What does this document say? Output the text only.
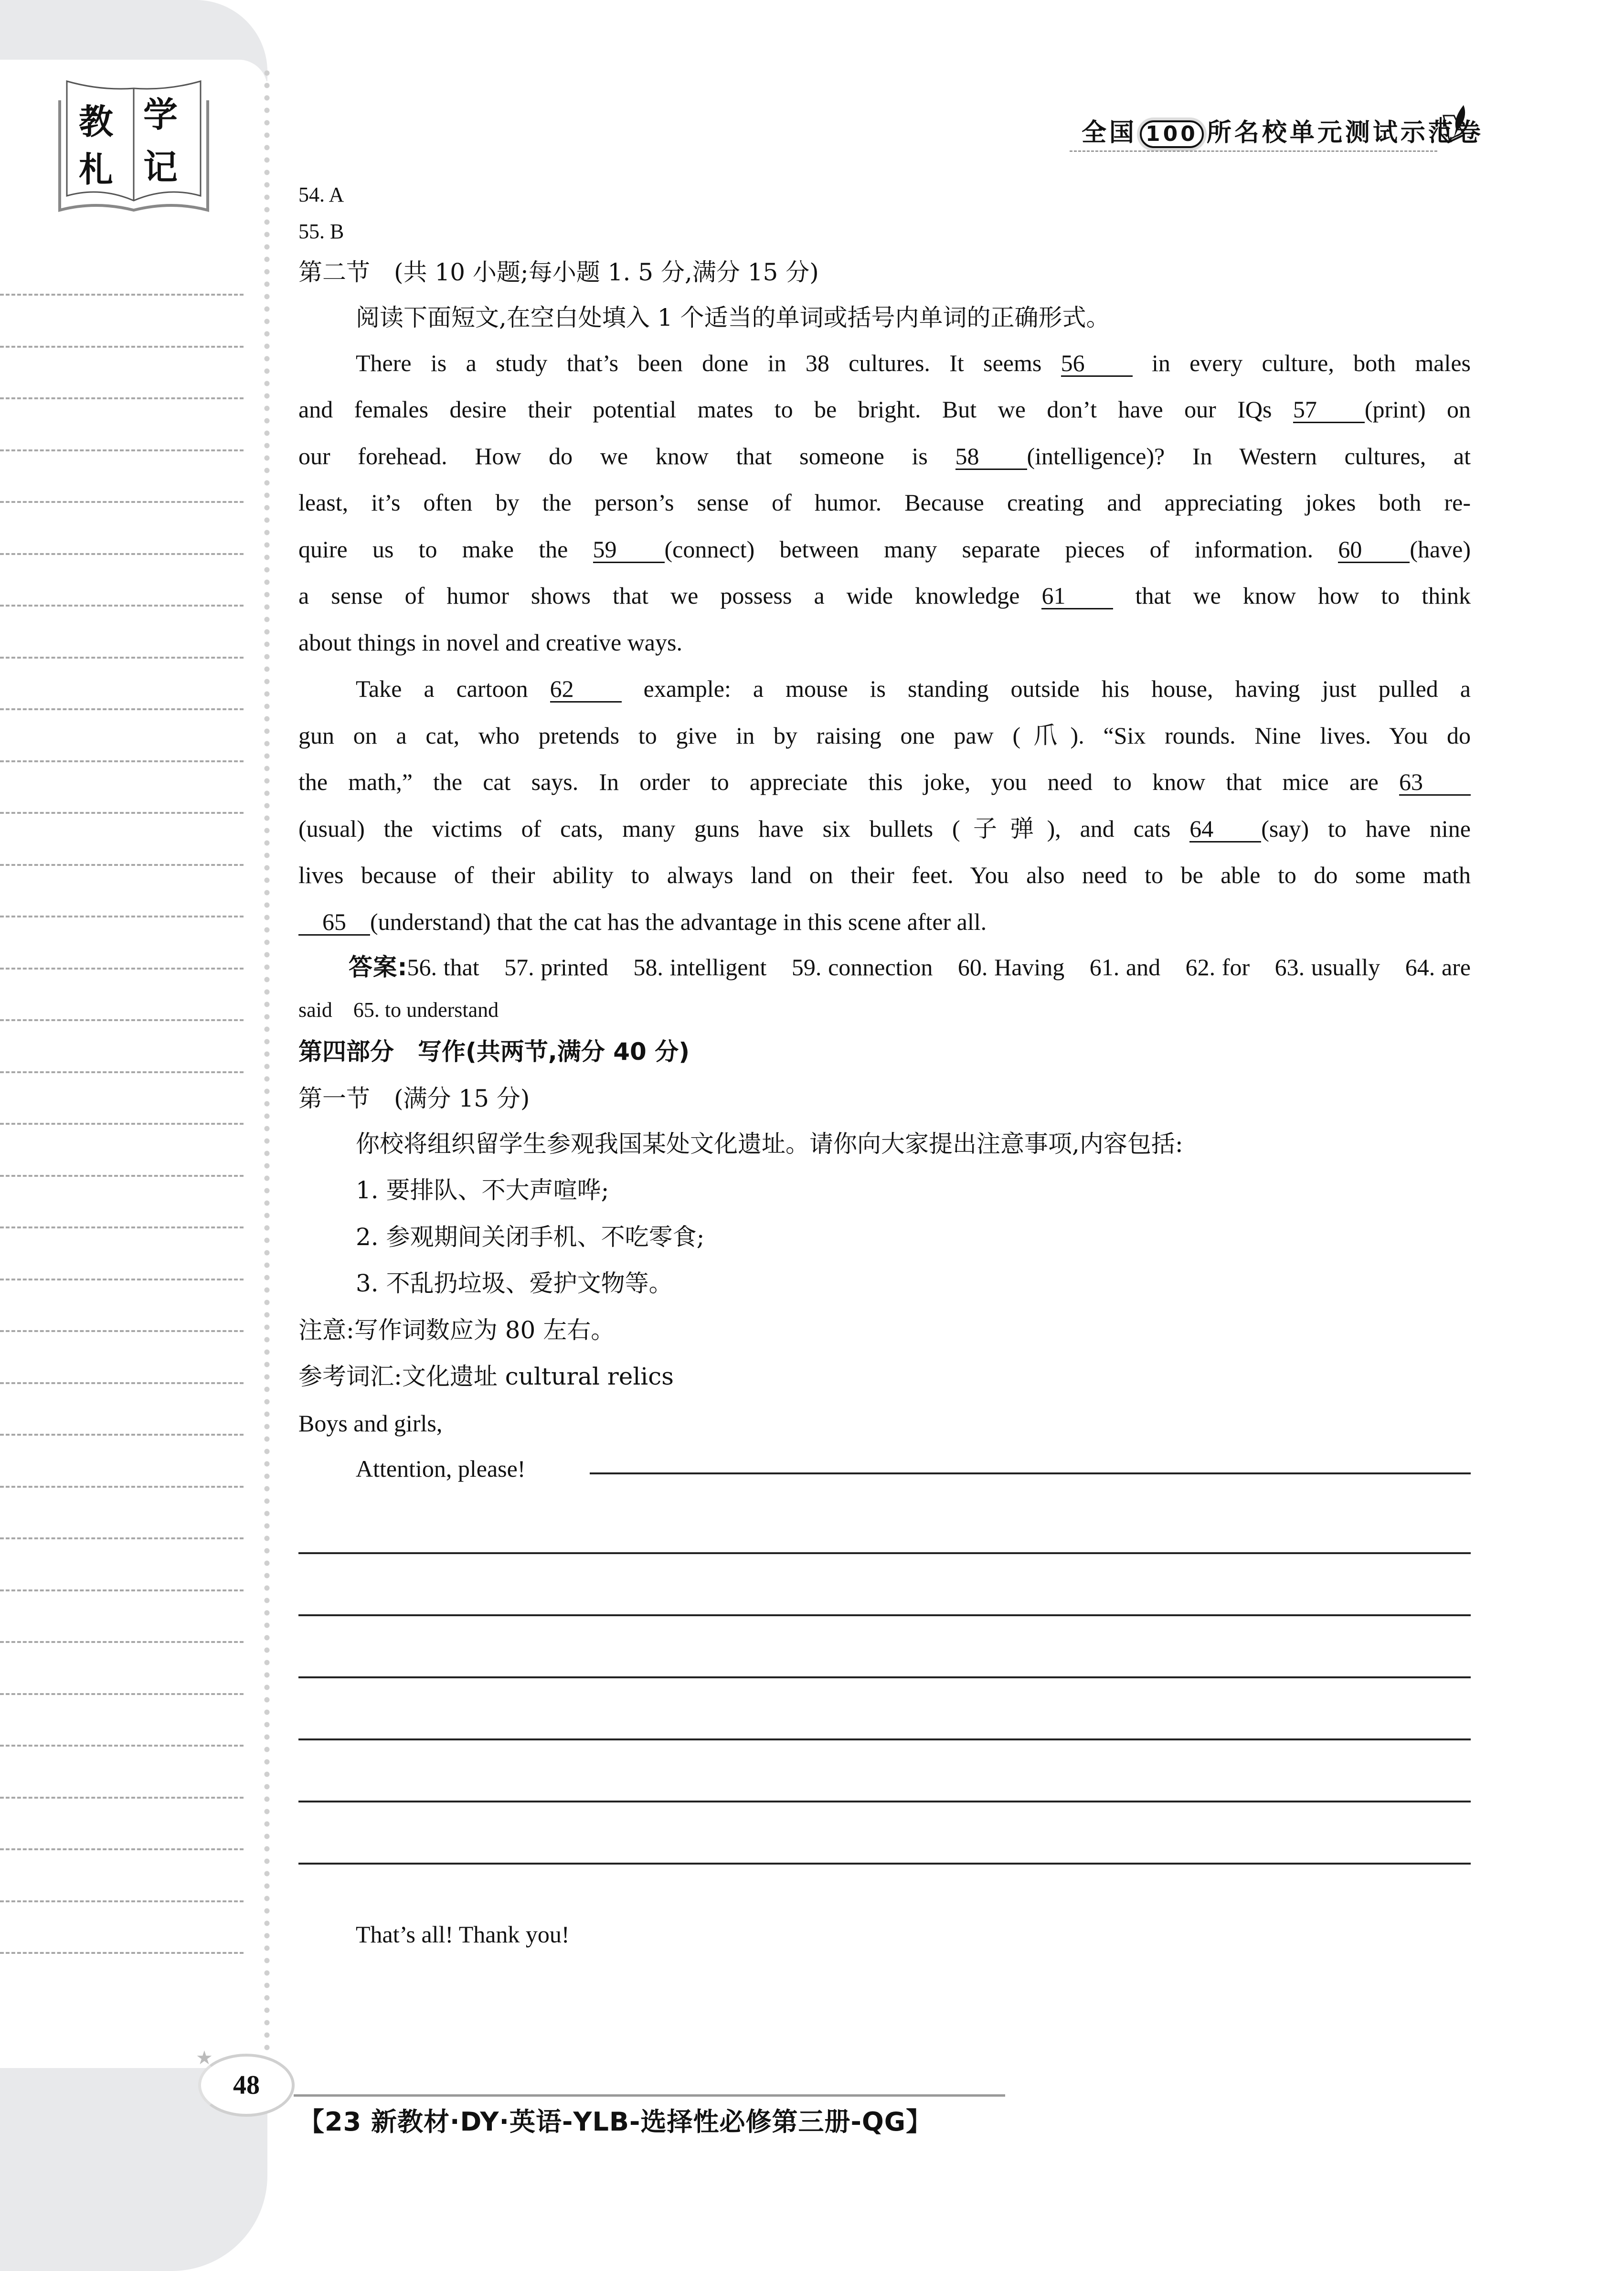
教 学
札 记
全国 100 所名校单元测试示范卷
54. A
55. B
第二节　(共 10 小题;每小题 1. 5 分,满分 15 分)
阅读下面短文,在空白处填入 1 个适当的单词或括号内单词的正确形式。
There is a study that’s been done in 38 cultures. It seems 56 in every culture, both males
and females desire their potential mates to be bright. But we don’t have our IQs 57 (print) on
our forehead. How do we know that someone is 58 (intelligence)? In Western cultures, at
least, it’s often by the person’s sense of humor. Because creating and appreciating jokes both re-
quire us to make the 59 (connect) between many separate pieces of information. 60 (have)
a sense of humor shows that we possess a wide knowledge 61 that we know how to think
about things in novel and creative ways.
Take a cartoon 62 example: a mouse is standing outside his house, having just pulled a
gun on a cat, who pretends to give in by raising one paw (爪). “Six rounds. Nine lives. You do
the math,” the cat says. In order to appreciate this joke, you need to know that mice are 63
(usual) the victims of cats, many guns have six bullets (子弹), and cats 64 (say) to have nine
lives because of their ability to always land on their feet. You also need to be able to do some math
65 (understand) that the cat has the advantage in this scene after all.
答案:56. that　57. printed　58. intelligent　59. connection　60. Having　61. and　62. for　63. usually　64. are
said　65. to understand
第四部分　写作(共两节,满分 40 分)
第一节　(满分 15 分)
你校将组织留学生参观我国某处文化遗址。请你向大家提出注意事项,内容包括:
1. 要排队、不大声喧哗;
2. 参观期间关闭手机、不吃零食;
3. 不乱扔垃圾、爱护文物等。
注意:写作词数应为 80 左右。
参考词汇:文化遗址 cultural relics
Boys and girls,
Attention, please!
That’s all! Thank you!
★
48
【23 新教材·DY·英语-YLB-选择性必修第三册-QG】
